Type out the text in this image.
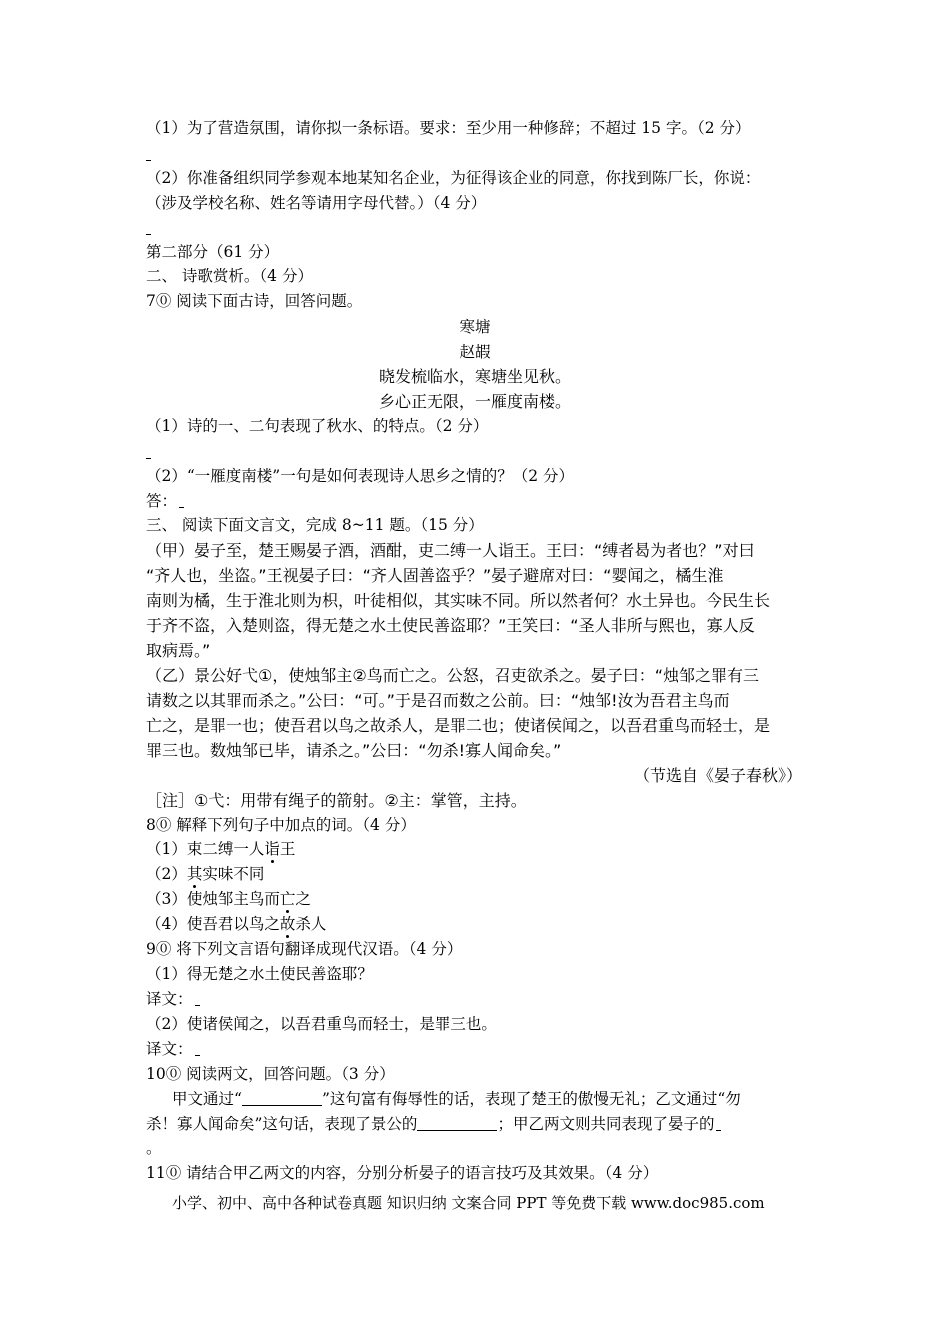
（1）为了营造氛围，请你拟一条标语。要求：至少用一种修辞；不超过 15 字。（2 分）
（2）你准备组织同学参观本地某知名企业，为征得该企业的同意，你找到陈厂长，你说：
（涉及学校名称、姓名等请用字母代替。）（4 分）
第二部分（61 分）
二、 诗歌赏析。（4 分）
7⓪ 阅读下面古诗，回答问题。
寒塘
赵嘏
晓发梳临水，寒塘坐见秋。
乡心正无限，一雁度南楼。
（1）诗的一、二句表现了秋水、的特点。（2 分）
（2）“一雁度南楼”一句是如何表现诗人思乡之情的？（2 分）
答：
三、 阅读下面文言文，完成 8~11 题。（15 分）
（甲）晏子至，楚王赐晏子酒，酒酣，吏二缚一人诣王。王曰：“缚者曷为者也？”对曰
“齐人也，坐盗。”王视晏子曰：“齐人固善盗乎？”晏子避席对曰：“婴闻之，橘生淮
南则为橘，生于淮北则为枳，叶徒相似，其实味不同。所以然者何？水土异也。今民生长
于齐不盗，入楚则盗，得无楚之水土使民善盗耶？”王笑曰：“圣人非所与熙也，寡人反
取病焉。”
（乙）景公好弋①，使烛邹主②鸟而亡之。公怒，召吏欲杀之。晏子曰：“烛邹之罪有三
请数之以其罪而杀之。”公曰：“可。”于是召而数之公前。曰：“烛邹!汝为吾君主鸟而
亡之，是罪一也；使吾君以鸟之故杀人，是罪二也；使诸侯闻之，以吾君重鸟而轻士，是
罪三也。数烛邹已毕，请杀之。”公曰：“勿杀!寡人闻命矣。”
（节选自《晏子春秋》）
［注］①弋：用带有绳子的箭射。②主：掌管，主持。
8⓪ 解释下列句子中加点的词。（4 分）
（1）束二缚一人诣王
（2）其实味不同
（3）使烛邹主鸟而亡之
（4）使吾君以鸟之故杀人
9⓪ 将下列文言语句翻译成现代汉语。（4 分）
（1）得无楚之水土使民善盗耶？
译文：
（2）使诸侯闻之，以吾君重鸟而轻士，是罪三也。
译文：
10⓪ 阅读两文，回答问题。（3 分）
甲文通过“	”这句富有侮辱性的话，表现了楚王的傲慢无礼；乙文通过“勿
杀！寡人闻命矣”这句话，表现了景公的	；甲乙两文则共同表现了晏子的
。
11⓪ 请结合甲乙两文的内容，分别分析晏子的语言技巧及其效果。（4 分）
小学、初中、高中各种试卷真题 知识归纳 文案合同 PPT 等免费下载 www.doc985.com
